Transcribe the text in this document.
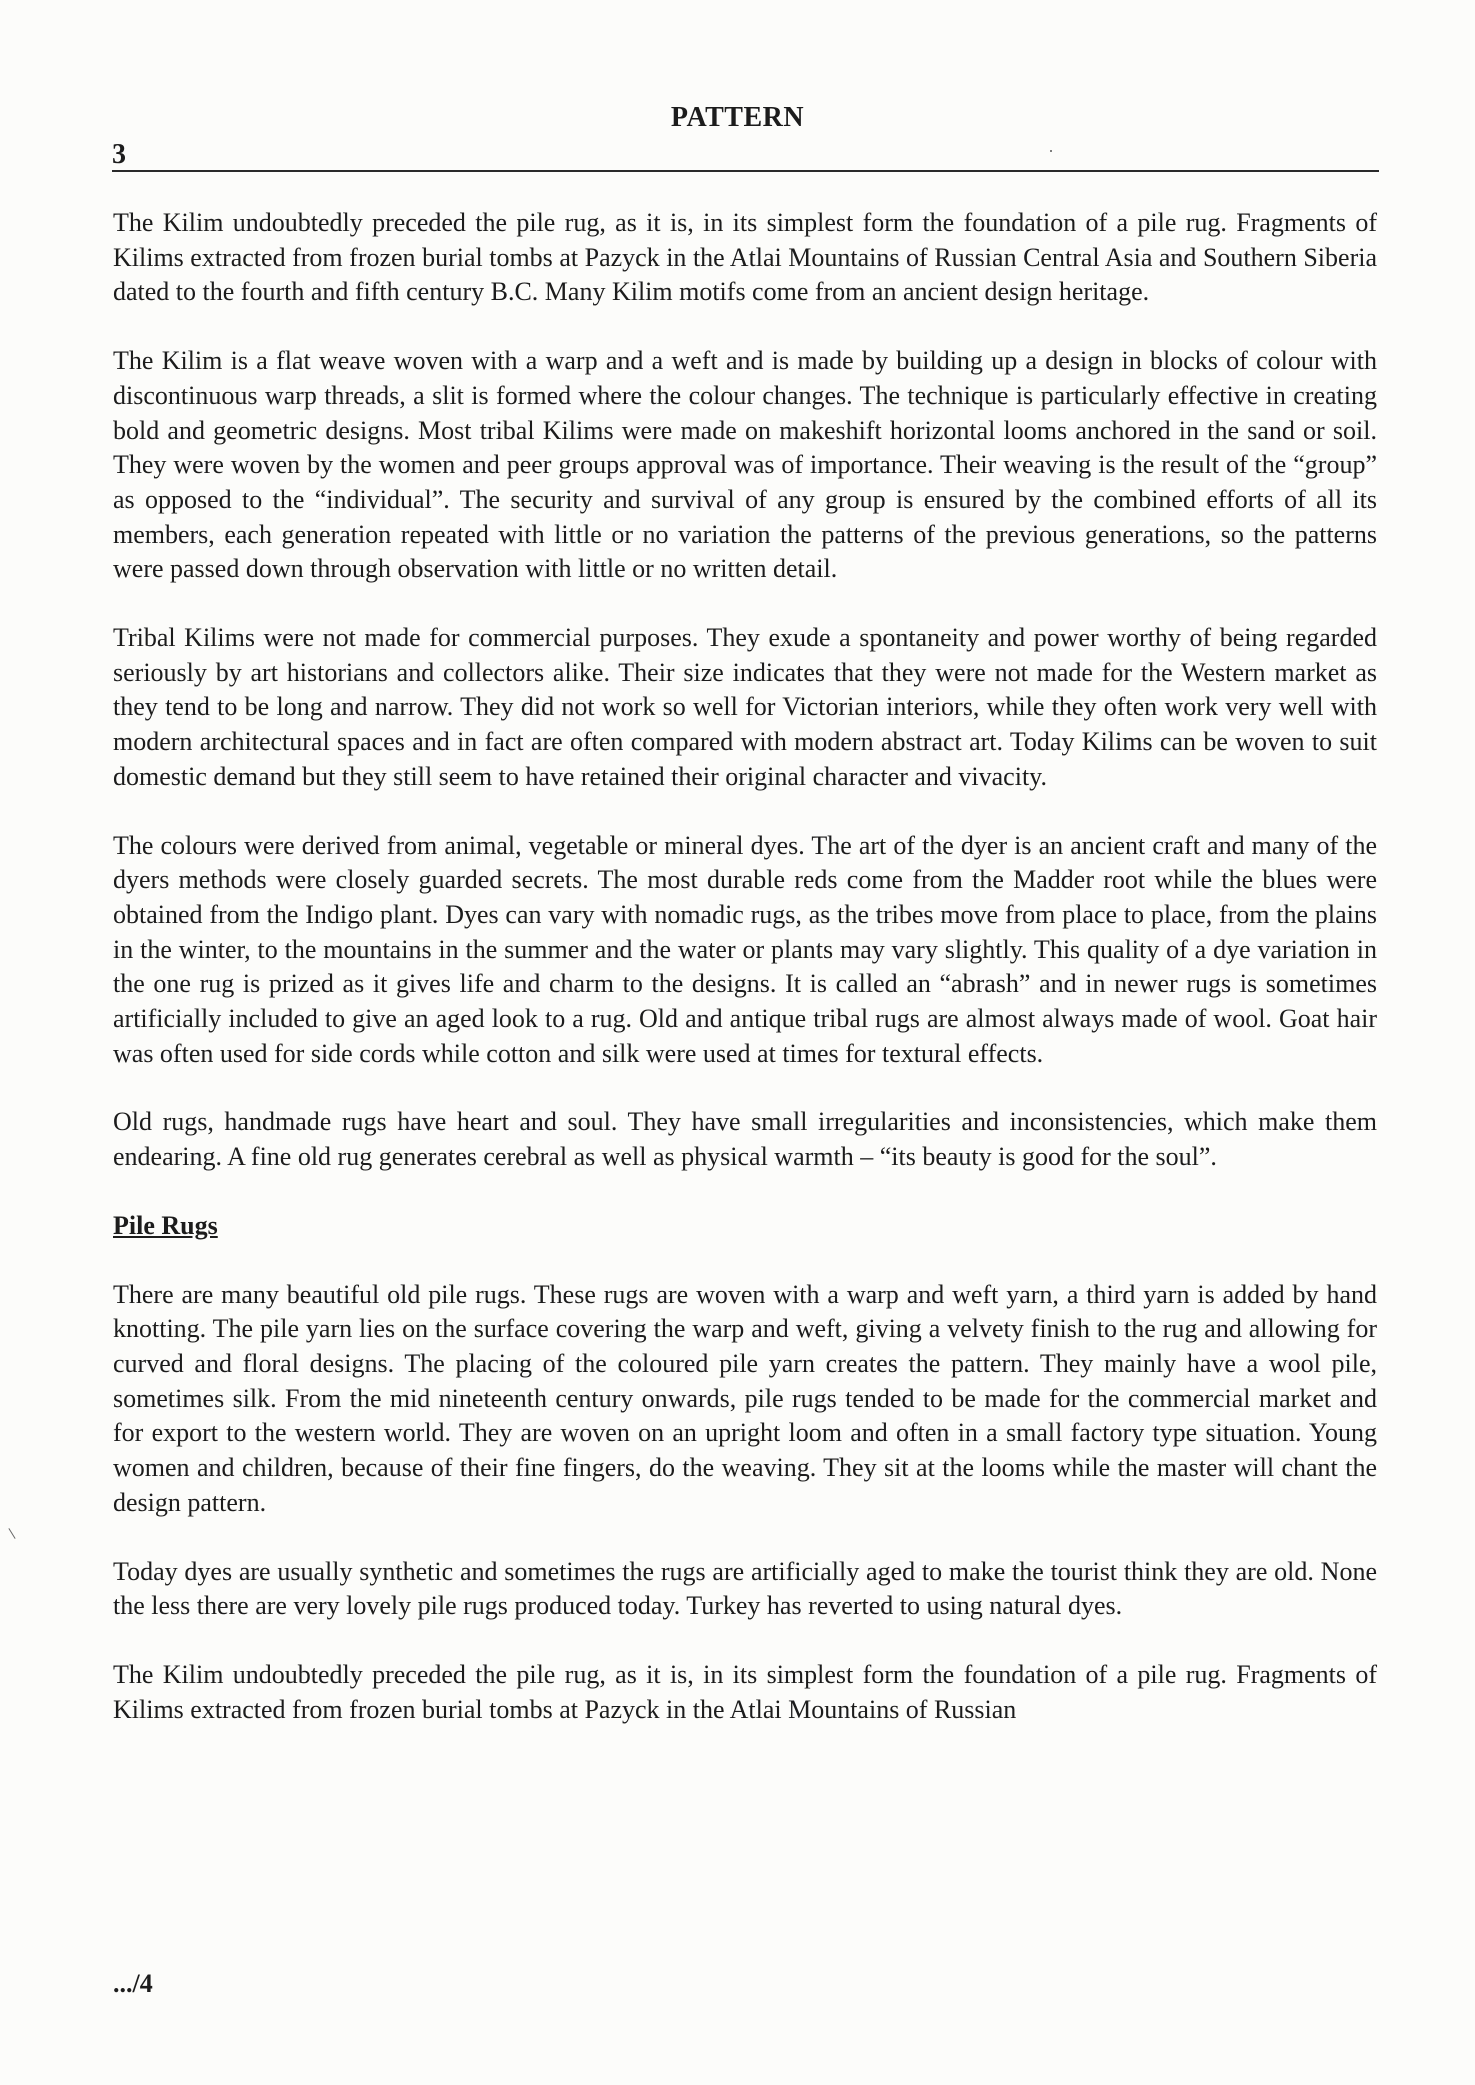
PATTERN
3

The Kilim undoubtedly preceded the pile rug, as it is, in its simplest form the foundation of a pile rug. Fragments of Kilims extracted from frozen burial tombs at Pazyck in the Atlai Mountains of Russian Central Asia and Southern Siberia dated to the fourth and fifth century B.C. Many Kilim motifs come from an ancient design heritage.

The Kilim is a flat weave woven with a warp and a weft and is made by building up a design in blocks of colour with discontinuous warp threads, a slit is formed where the colour changes. The technique is particularly effective in creating bold and geometric designs. Most tribal Kilims were made on makeshift horizontal looms anchored in the sand or soil. They were woven by the women and peer groups approval was of importance. Their weaving is the result of the “group” as opposed to the “individual”. The security and survival of any group is ensured by the combined efforts of all its members, each generation repeated with little or no variation the patterns of the previous generations, so the patterns were passed down through observation with little or no written detail.

Tribal Kilims were not made for commercial purposes. They exude a spontaneity and power worthy of being regarded seriously by art historians and collectors alike. Their size indicates that they were not made for the Western market as they tend to be long and narrow. They did not work so well for Victorian interiors, while they often work very well with modern architectural spaces and in fact are often compared with modern abstract art. Today Kilims can be woven to suit domestic demand but they still seem to have retained their original character and vivacity.

The colours were derived from animal, vegetable or mineral dyes. The art of the dyer is an ancient craft and many of the dyers methods were closely guarded secrets. The most durable reds come from the Madder root while the blues were obtained from the Indigo plant. Dyes can vary with nomadic rugs, as the tribes move from place to place, from the plains in the winter, to the mountains in the summer and the water or plants may vary slightly. This quality of a dye variation in the one rug is prized as it gives life and charm to the designs. It is called an “abrash” and in newer rugs is sometimes artificially included to give an aged look to a rug. Old and antique tribal rugs are almost always made of wool. Goat hair was often used for side cords while cotton and silk were used at times for textural effects.

Old rugs, handmade rugs have heart and soul. They have small irregularities and inconsistencies, which make them endearing. A fine old rug generates cerebral as well as physical warmth – “its beauty is good for the soul”.

Pile Rugs

There are many beautiful old pile rugs. These rugs are woven with a warp and weft yarn, a third yarn is added by hand knotting. The pile yarn lies on the surface covering the warp and weft, giving a velvety finish to the rug and allowing for curved and floral designs. The placing of the coloured pile yarn creates the pattern. They mainly have a wool pile, sometimes silk. From the mid nineteenth century onwards, pile rugs tended to be made for the commercial market and for export to the western world. They are woven on an upright loom and often in a small factory type situation. Young women and children, because of their fine fingers, do the weaving. They sit at the looms while the master will chant the design pattern.

Today dyes are usually synthetic and sometimes the rugs are artificially aged to make the tourist think they are old. None the less there are very lovely pile rugs produced today. Turkey has reverted to using natural dyes.

The Kilim undoubtedly preceded the pile rug, as it is, in its simplest form the foundation of a pile rug. Fragments of Kilims extracted from frozen burial tombs at Pazyck in the Atlai Mountains of Russian

.../4
